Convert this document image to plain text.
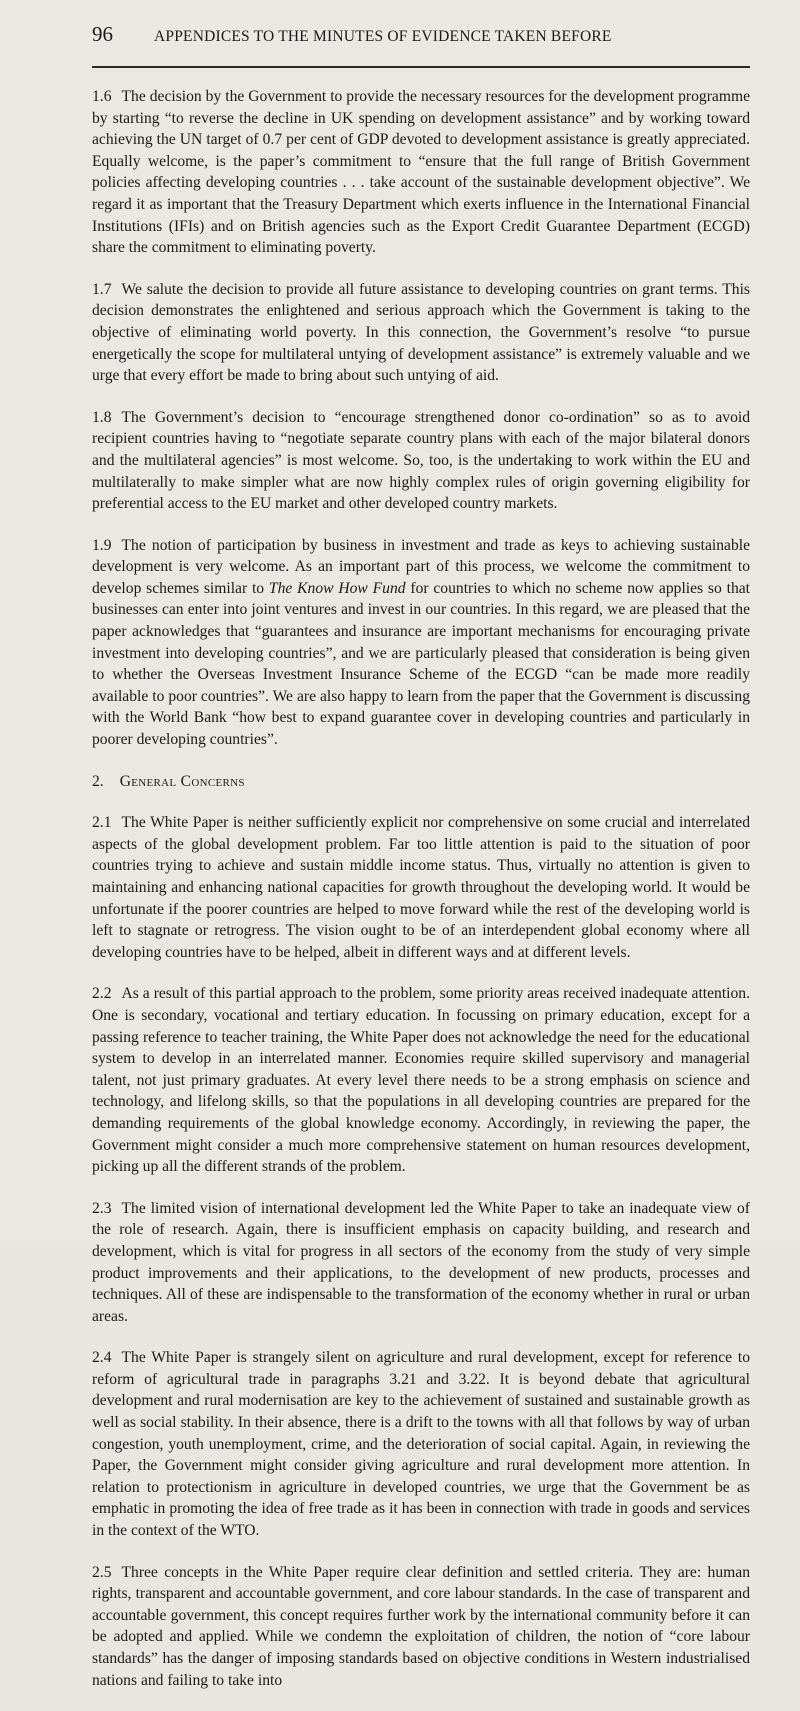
96	APPENDICES TO THE MINUTES OF EVIDENCE TAKEN BEFORE

1.6 The decision by the Government to provide the necessary resources for the development programme by starting “to reverse the decline in UK spending on development assistance” and by working toward achieving the UN target of 0.7 per cent of GDP devoted to development assistance is greatly appreciated. Equally welcome, is the paper’s commitment to “ensure that the full range of British Government policies affecting developing countries . . . take account of the sustainable development objective”. We regard it as important that the Treasury Department which exerts influence in the International Financial Institutions (IFIs) and on British agencies such as the Export Credit Guarantee Department (ECGD) share the commitment to eliminating poverty.

1.7 We salute the decision to provide all future assistance to developing countries on grant terms. This decision demonstrates the enlightened and serious approach which the Government is taking to the objective of eliminating world poverty. In this connection, the Government’s resolve “to pursue energetically the scope for multilateral untying of development assistance” is extremely valuable and we urge that every effort be made to bring about such untying of aid.

1.8 The Government’s decision to “encourage strengthened donor co-ordination” so as to avoid recipient countries having to “negotiate separate country plans with each of the major bilateral donors and the multilateral agencies” is most welcome. So, too, is the undertaking to work within the EU and multilaterally to make simpler what are now highly complex rules of origin governing eligibility for preferential access to the EU market and other developed country markets.

1.9 The notion of participation by business in investment and trade as keys to achieving sustainable development is very welcome. As an important part of this process, we welcome the commitment to develop schemes similar to The Know How Fund for countries to which no scheme now applies so that businesses can enter into joint ventures and invest in our countries. In this regard, we are pleased that the paper acknowledges that “guarantees and insurance are important mechanisms for encouraging private investment into developing countries”, and we are particularly pleased that consideration is being given to whether the Overseas Investment Insurance Scheme of the ECGD “can be made more readily available to poor countries”. We are also happy to learn from the paper that the Government is discussing with the World Bank “how best to expand guarantee cover in developing countries and particularly in poorer developing countries”.

2. General Concerns

2.1 The White Paper is neither sufficiently explicit nor comprehensive on some crucial and interrelated aspects of the global development problem. Far too little attention is paid to the situation of poor countries trying to achieve and sustain middle income status. Thus, virtually no attention is given to maintaining and enhancing national capacities for growth throughout the developing world. It would be unfortunate if the poorer countries are helped to move forward while the rest of the developing world is left to stagnate or retrogress. The vision ought to be of an interdependent global economy where all developing countries have to be helped, albeit in different ways and at different levels.

2.2 As a result of this partial approach to the problem, some priority areas received inadequate attention. One is secondary, vocational and tertiary education. In focussing on primary education, except for a passing reference to teacher training, the White Paper does not acknowledge the need for the educational system to develop in an interrelated manner. Economies require skilled supervisory and managerial talent, not just primary graduates. At every level there needs to be a strong emphasis on science and technology, and lifelong skills, so that the populations in all developing countries are prepared for the demanding requirements of the global knowledge economy. Accordingly, in reviewing the paper, the Government might consider a much more comprehensive statement on human resources development, picking up all the different strands of the problem.

2.3 The limited vision of international development led the White Paper to take an inadequate view of the role of research. Again, there is insufficient emphasis on capacity building, and research and development, which is vital for progress in all sectors of the economy from the study of very simple product improvements and their applications, to the development of new products, processes and techniques. All of these are indispensable to the transformation of the economy whether in rural or urban areas.

2.4 The White Paper is strangely silent on agriculture and rural development, except for reference to reform of agricultural trade in paragraphs 3.21 and 3.22. It is beyond debate that agricultural development and rural modernisation are key to the achievement of sustained and sustainable growth as well as social stability. In their absence, there is a drift to the towns with all that follows by way of urban congestion, youth unemployment, crime, and the deterioration of social capital. Again, in reviewing the Paper, the Government might consider giving agriculture and rural development more attention. In relation to protectionism in agriculture in developed countries, we urge that the Government be as emphatic in promoting the idea of free trade as it has been in connection with trade in goods and services in the context of the WTO.

2.5 Three concepts in the White Paper require clear definition and settled criteria. They are: human rights, transparent and accountable government, and core labour standards. In the case of transparent and accountable government, this concept requires further work by the international community before it can be adopted and applied. While we condemn the exploitation of children, the notion of “core labour standards” has the danger of imposing standards based on objective conditions in Western industrialised nations and failing to take into
